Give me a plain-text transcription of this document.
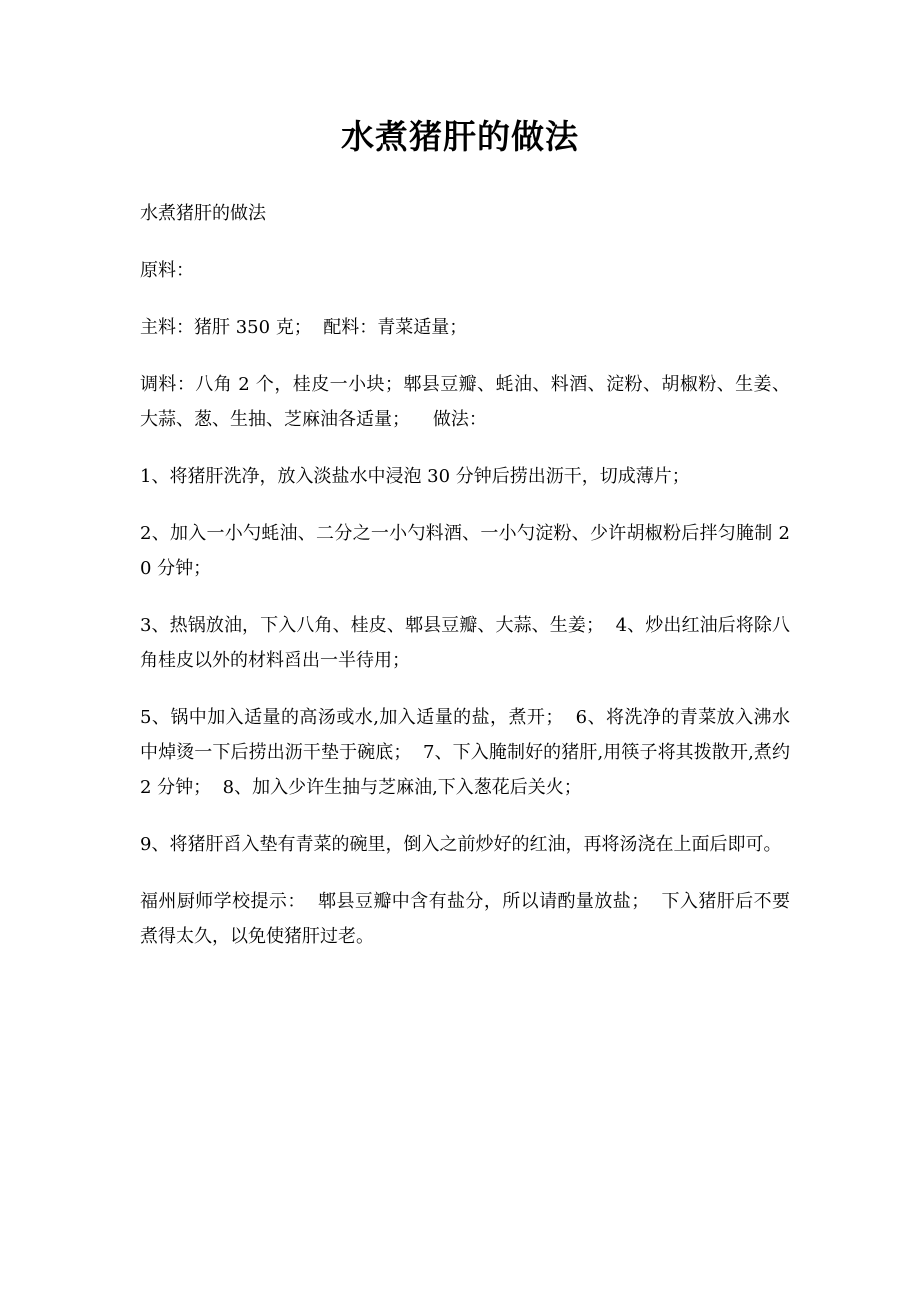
水煮猪肝的做法

水煮猪肝的做法

原料：

主料：猪肝 350 克；  配料：青菜适量；

调料：八角 2 个，桂皮一小块；郫县豆瓣、蚝油、料酒、淀粉、胡椒粉、生姜、大蒜、葱、生抽、芝麻油各适量；    做法：

1、将猪肝洗净，放入淡盐水中浸泡 30 分钟后捞出沥干，切成薄片；

2、加入一小勺蚝油、二分之一小勺料酒、一小勺淀粉、少许胡椒粉后拌匀腌制 20 分钟；

3、热锅放油，下入八角、桂皮、郫县豆瓣、大蒜、生姜；  4、炒出红油后将除八角桂皮以外的材料舀出一半待用；

5、锅中加入适量的高汤或水,加入适量的盐，煮开；  6、将洗净的青菜放入沸水中焯烫一下后捞出沥干垫于碗底；  7、下入腌制好的猪肝,用筷子将其拨散开,煮约 2 分钟；  8、加入少许生抽与芝麻油,下入葱花后关火；

9、将猪肝舀入垫有青菜的碗里，倒入之前炒好的红油，再将汤浇在上面后即可。

福州厨师学校提示：  郫县豆瓣中含有盐分，所以请酌量放盐；  下入猪肝后不要煮得太久，以免使猪肝过老。
